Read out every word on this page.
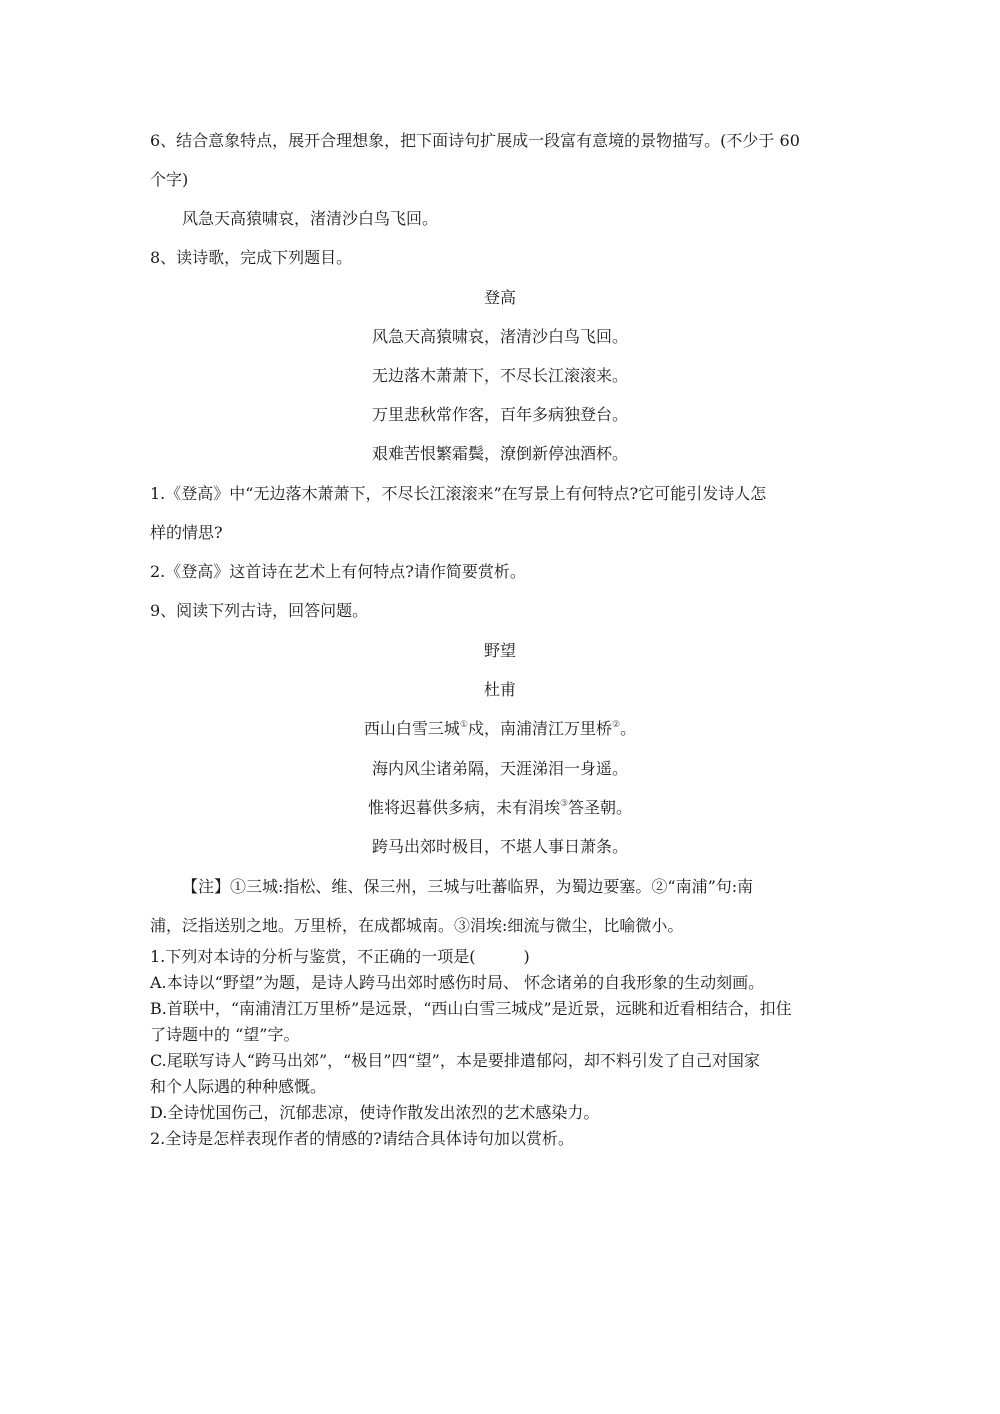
6、结合意象特点，展开合理想象，把下面诗句扩展成一段富有意境的景物描写。(不少于 60
个字)
风急天高猿啸哀，渚清沙白鸟飞回。
8、读诗歌，完成下列题目。
登高
风急天高猿啸哀，渚清沙白鸟飞回。
无边落木萧萧下，不尽长江滚滚来。
万里悲秋常作客，百年多病独登台。
艰难苦恨繁霜鬓，潦倒新停浊酒杯。
1.《登高》中“无边落木萧萧下，不尽长江滚滚来”在写景上有何特点?它可能引发诗人怎
样的情思?
2.《登高》这首诗在艺术上有何特点?请作简要赏析。
9、阅读下列古诗，回答问题。
野望
杜甫
西山白雪三城①戍，南浦清江万里桥②。
海内风尘诸弟隔，天涯涕泪一身遥。
惟将迟暮供多病，未有涓埃③答圣朝。
跨马出郊时极目，不堪人事日萧条。
【注】①三城:指松、维、保三州，三城与吐蕃临界，为蜀边要塞。②“南浦”句:南
浦，泛指送别之地。万里桥，在成都城南。③涓埃:细流与微尘，比喻微小。
1.下列对本诗的分析与鉴赏，不正确的一项是(　　　)
A.本诗以“野望”为题，是诗人跨马出郊时感伤时局、 怀念诸弟的自我形象的生动刻画。
B.首联中，“南浦清江万里桥”是远景，“西山白雪三城戍”是近景，远眺和近看相结合，扣住
了诗题中的 “望”字。
C.尾联写诗人“跨马出郊”，“极目”四“望”，本是要排遣郁闷，却不料引发了自己对国家
和个人际遇的种种感慨。
D.全诗忧国伤己，沉郁悲凉，使诗作散发出浓烈的艺术感染力。
2.全诗是怎样表现作者的情感的?请结合具体诗句加以赏析。
